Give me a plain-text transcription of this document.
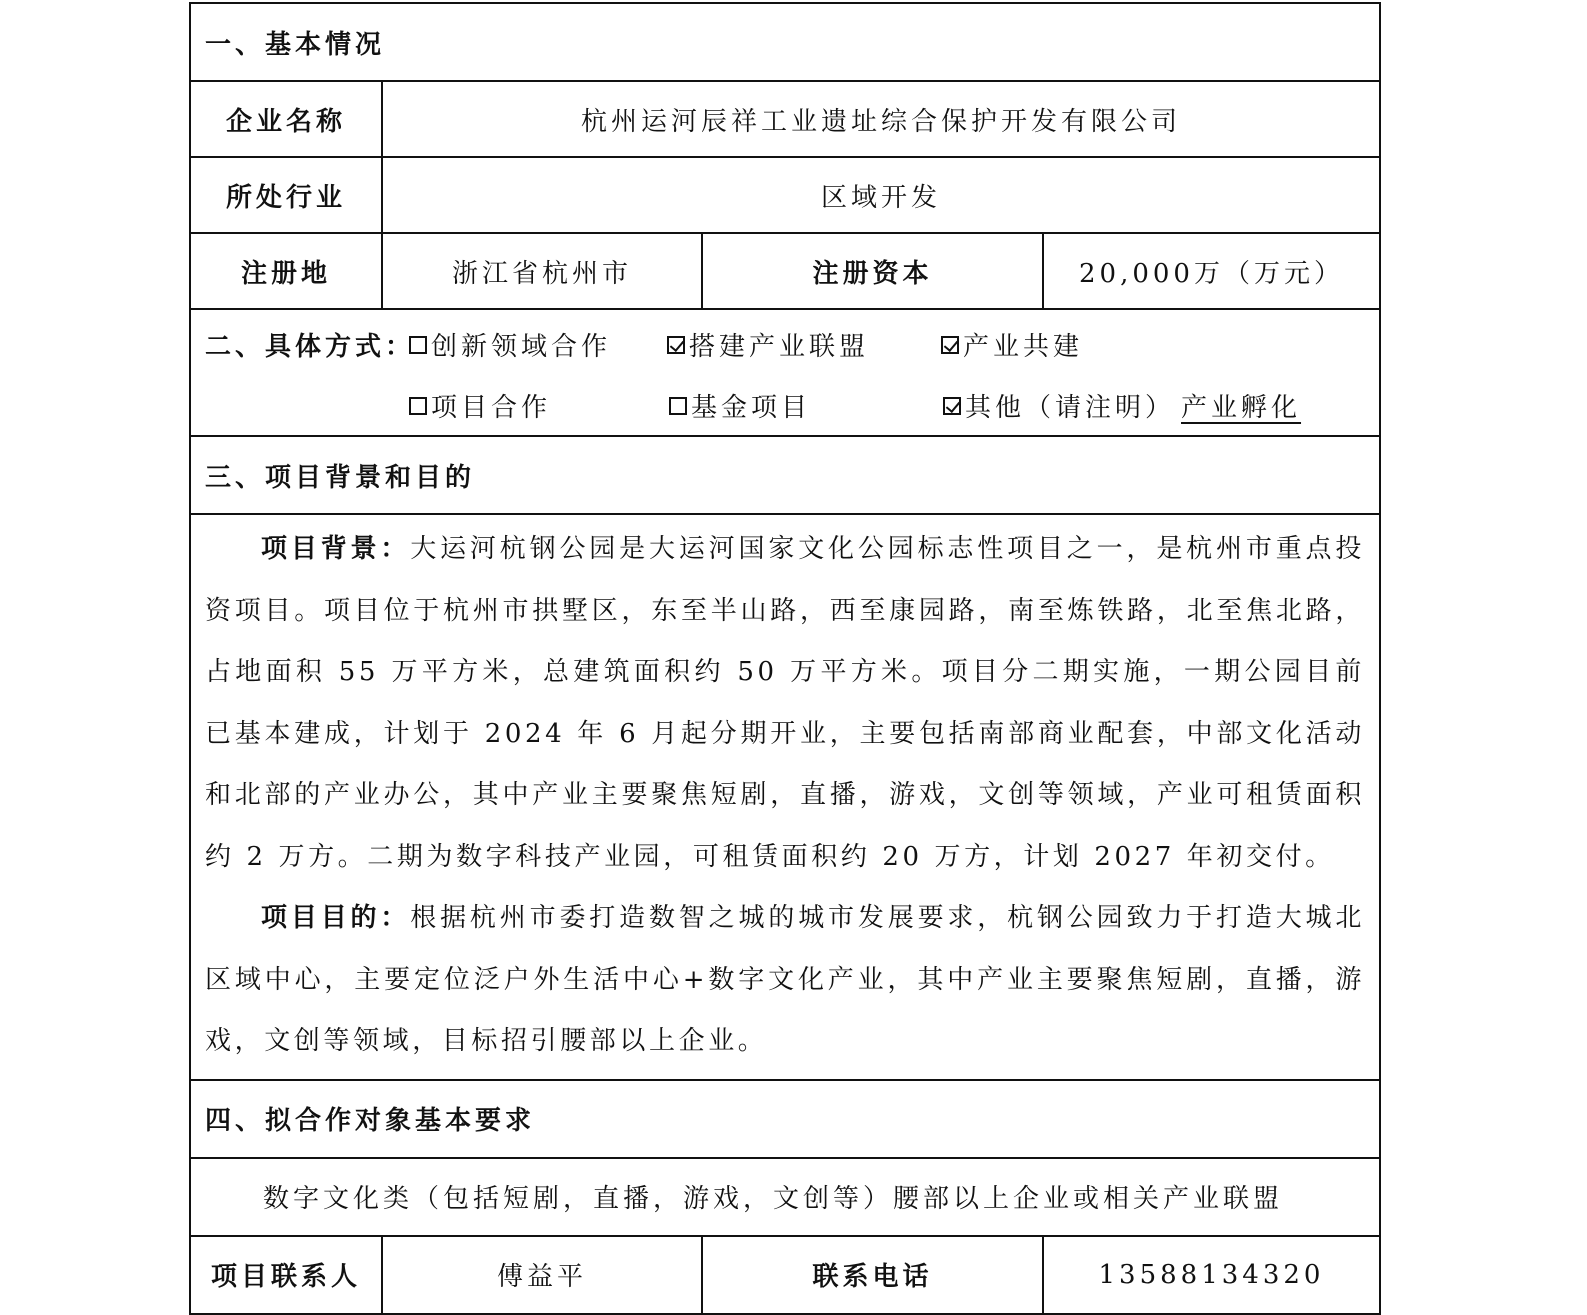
一、基本情况
企业名称	杭州运河辰祥工业遗址综合保护开发有限公司
所处行业	区域开发
注册地	浙江省杭州市	注册资本	20,000万（万元）
二、具体方式： 创新领域合作	搭建产业联盟	产业共建
项目合作	基金项目	其他（请注明） 产业孵化
三、项目背景和目的

项目背景：大运河杭钢公园是大运河国家文化公园标志性项目之一，是杭州市重点投资项目。项目位于杭州市拱墅区，东至半山路，西至康园路，南至炼铁路，北至焦北路，占地面积 55 万平方米，总建筑面积约 50 万平方米。项目分二期实施，一期公园目前已基本建成，计划于 2024 年 6 月起分期开业，主要包括南部商业配套，中部文化活动和北部的产业办公，其中产业主要聚焦短剧，直播，游戏，文创等领域，产业可租赁面积约 2 万方。二期为数字科技产业园，可租赁面积约 20 万方，计划 2027 年初交付。

项目目的：根据杭州市委打造数智之城的城市发展要求，杭钢公园致力于打造大城北区域中心，主要定位泛户外生活中心+数字文化产业，其中产业主要聚焦短剧，直播，游戏，文创等领域，目标招引腰部以上企业。

四、拟合作对象基本要求
数字文化类（包括短剧，直播，游戏，文创等）腰部以上企业或相关产业联盟
项目联系人	傅益平	联系电话	13588134320
